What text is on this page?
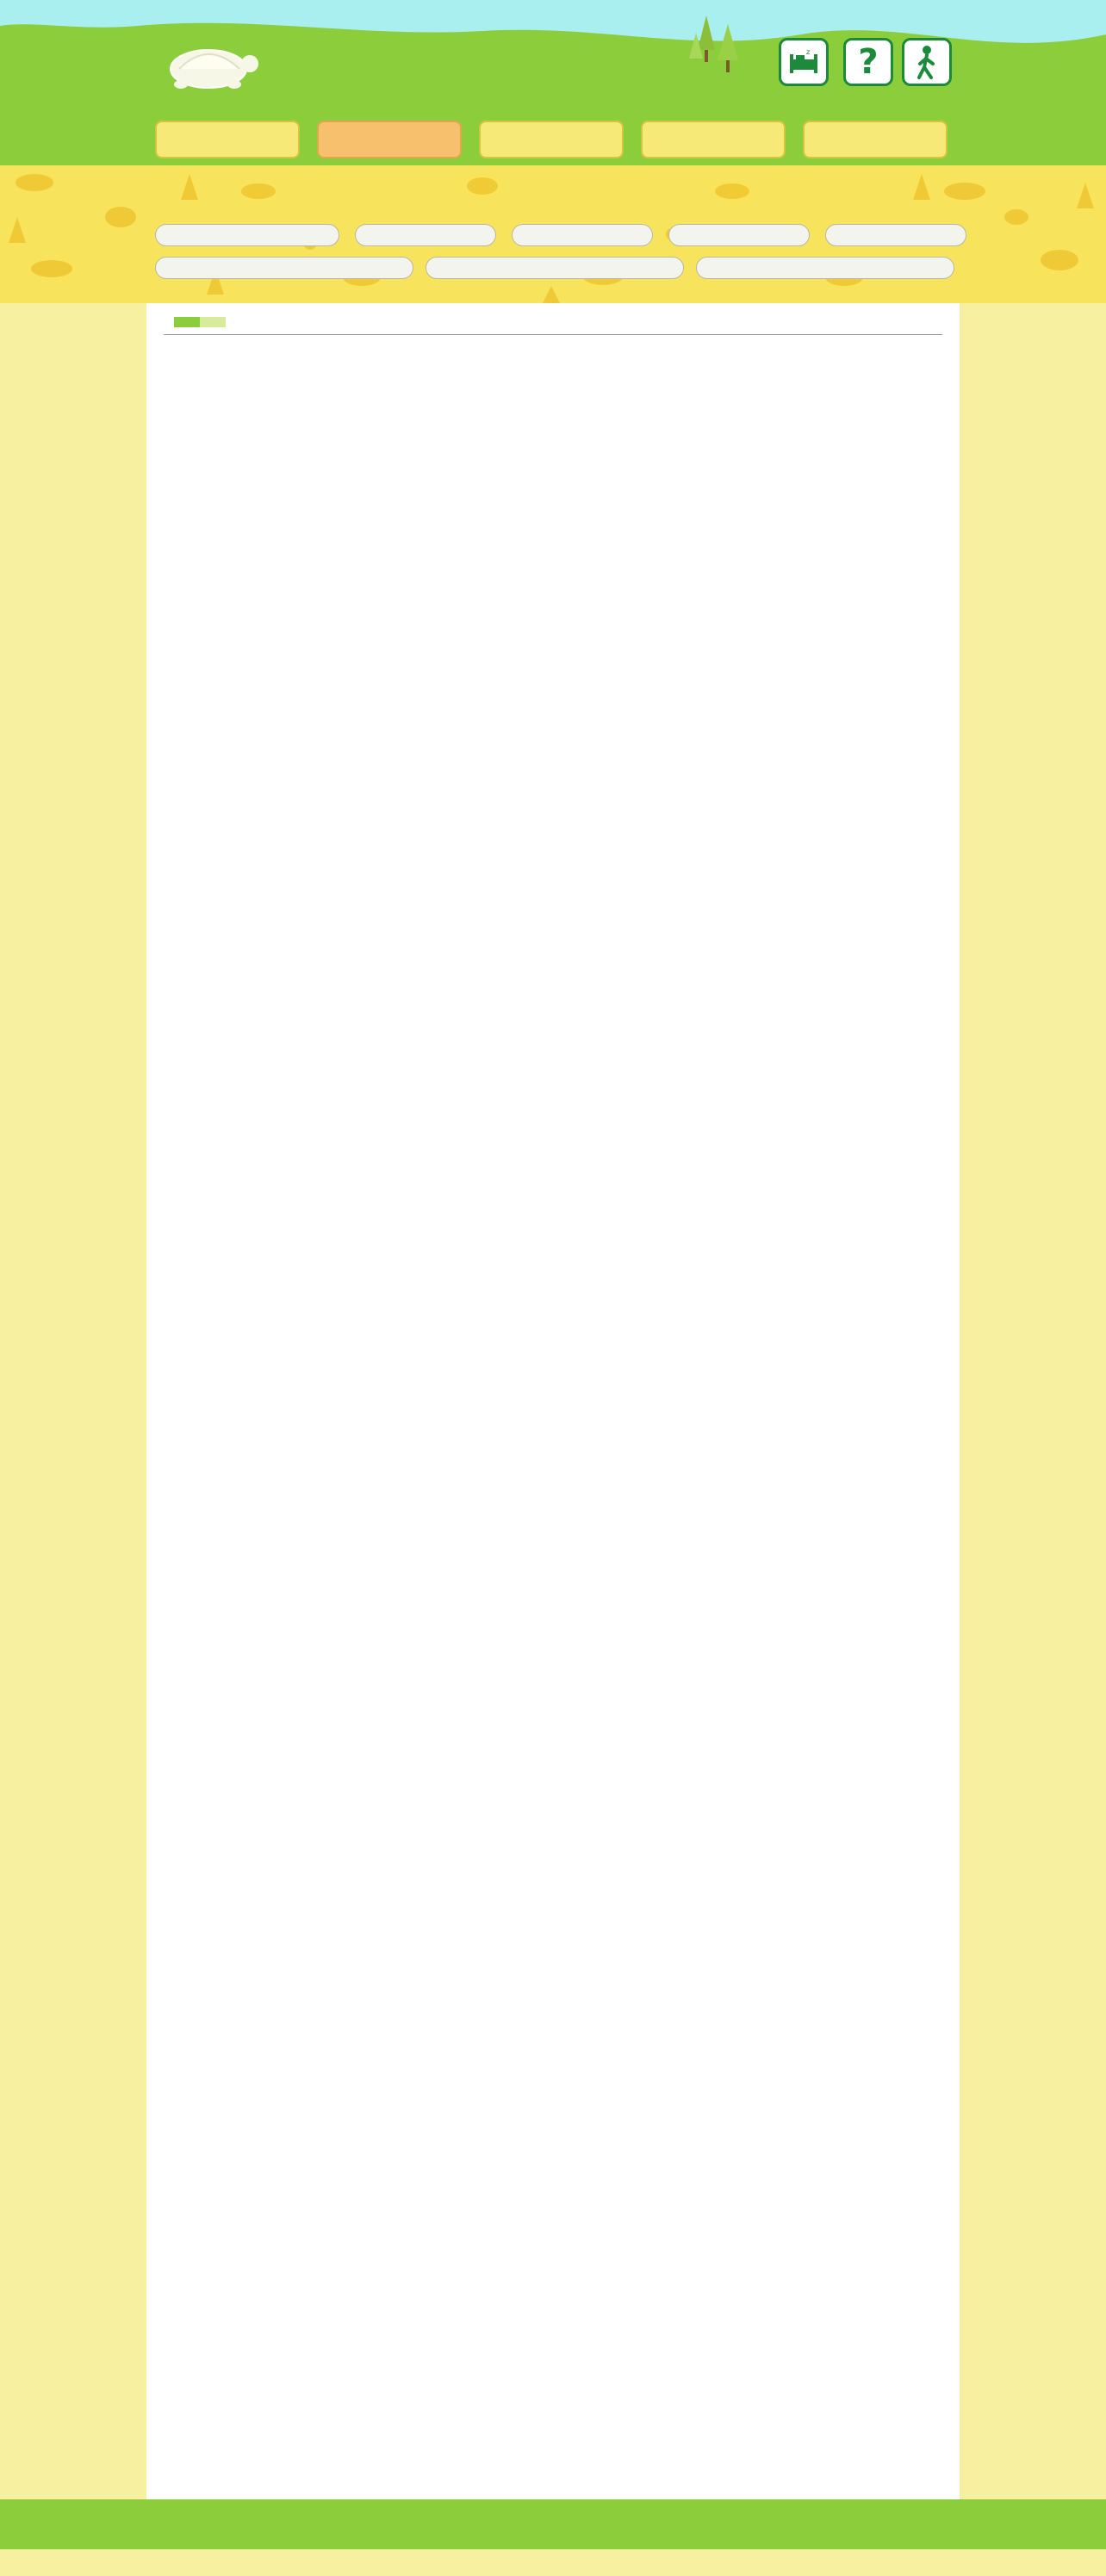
z ?
